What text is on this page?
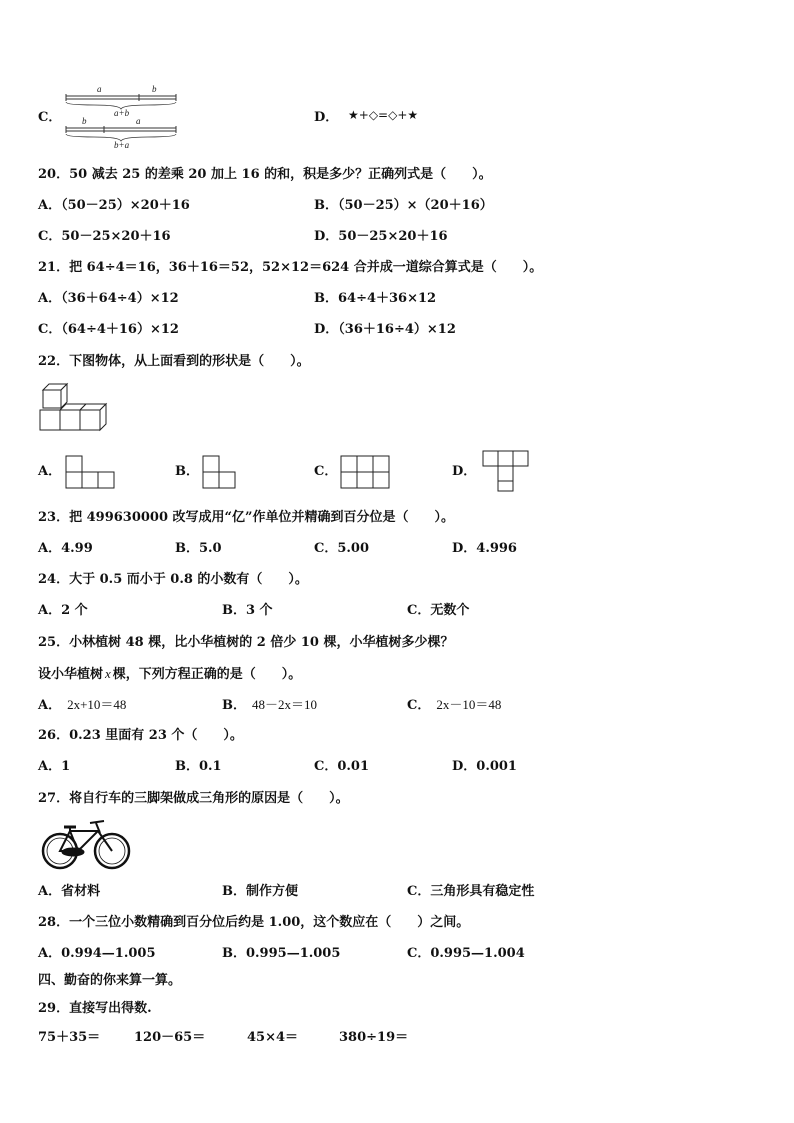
C．
a	b
a+b
b	a
b+a
D． ★+◇=◇+★
20．50 减去 25 的差乘 20 加上 16 的和，积是多少？正确列式是（　　）。
A．（50－25）×20＋16	B．（50－25）×（20＋16）
C．50－25×20＋16	D．50－25×20＋16
21．把 64÷4＝16，36＋16＝52，52×12＝624 合并成一道综合算式是（　　）。
A．（36＋64÷4）×12	B．64÷4＋36×12
C．（64÷4＋16）×12	D．（36＋16÷4）×12
22．下图物体，从上面看到的形状是（　　）。
A．	B．	C．	D．
23．把 499630000 改写成用“亿”作单位并精确到百分位是（　　）。
A．4.99	B．5.0	C．5.00	D．4.996
24．大于 0.5 而小于 0.8 的小数有（　　）。
A．2 个	B．3 个	C．无数个
25．小林植树 48 棵，比小华植树的 2 倍少 10 棵，小华植树多少棵？
设小华植树 x 棵，下列方程正确的是（　　）。
A． 2x+10＝48	B． 48－2x＝10	C． 2x－10＝48
26．0.23 里面有 23 个（　　）。
A．1	B．0.1	C．0.01	D．0.001
27．将自行车的三脚架做成三角形的原因是（　　）。
A．省材料	B．制作方便	C．三角形具有稳定性
28．一个三位小数精确到百分位后约是 1.00，这个数应在（　　）之间。
A．0.994—1.005	B．0.995—1.005	C．0.995—1.004
四、勤奋的你来算一算。
29．直接写出得数.
75＋35＝	120－65＝	45×4＝	380÷19＝
